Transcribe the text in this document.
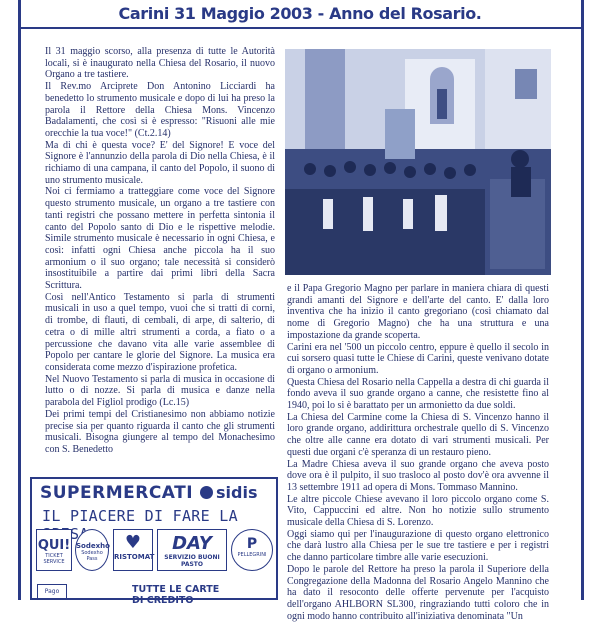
Carini 31 Maggio 2003 - Anno del Rosario.

Il 31 maggio scorso, alla presenza di tutte le Autorità locali, si è inaugurato nella Chiesa del Rosario, il nuovo Organo a tre tastiere.

Il Rev.mo Arciprete Don Antonino Licciardi ha benedetto lo strumento musicale e dopo di lui ha preso la parola il Rettore della Chiesa Mons. Vincenzo Badalamenti, che così si è espresso: "Risuoni alle mie orecchie la tua voce!" (Ct.2.14)

Ma di chi è questa voce? E' del Signore! E voce del Signore è l'annunzio della parola di Dio nella Chiesa, è il richiamo di una campana, il canto del Popolo, il suono di uno strumento musicale.

Noi ci fermiamo a tratteggiare come voce del Signore questo strumento musicale, un organo a tre tastiere con tanti registri che possano mettere in perfetta sintonia il canto del Popolo santo di Dio e le rispettive melodie. Simile strumento musicale è necessario in ogni Chiesa, e così: infatti ogni Chiesa anche piccola ha il suo armonium o il suo organo; tale necessità si considerò insostituibile a partire dai primi libri della Sacra Scrittura.

Così nell'Antico Testamento si parla di strumenti musicali in uso a quel tempo, vuoi che si tratti di corni, di trombe, di flauti, di cembali, di arpe, di salterio, di cetra o di mille altri strumenti a corda, a fiato o a percussione che davano vita alle varie assemblee di Popolo per cantare le glorie del Signore. La musica era considerata come mezzo d'ispirazione profetica.

Nel Nuovo Testamento si parla di musica in occasione di lutto o di nozze. Si parla di musica e danze nella parabola del Figliol prodigo (Lc.15)

Dei primi tempi del Cristianesimo non abbiamo notizie precise sia per quanto riguarda il canto che gli strumenti musicali. Bisogna giungere al tempo del Monachesimo con S. Benedetto

e il Papa Gregorio Magno per parlare in maniera chiara di questi grandi amanti del Signore e dell'arte del canto. E' dalla loro inventiva che ha inizio il canto gregoriano (così chiamato dal nome di Gregorio Magno) che ha una struttura e una impostazione da grande scoperta.

Carini era nel '500 un piccolo centro, eppure è quello il secolo in cui sorsero quasi tutte le Chiese di Carini, queste venivano dotate di organo o armonium.

Questa Chiesa del Rosario nella Cappella a destra di chi guarda il fondo aveva il suo grande organo a canne, che resistette fino al 1940, poi lo si è barattato per un armonietto da due soldi.

La Chiesa del Carmine come la Chiesa di S. Vincenzo hanno il loro grande organo, addirittura orchestrale quello di S. Vincenzo che oltre alle canne era dotato di vari strumenti musicali. Per questi due organi c'è speranza di un restauro pieno.

La Madre Chiesa aveva il suo grande organo che aveva posto dove ora è il pulpito, il suo trasloco al posto dov'è ora avvenne il 13 settembre 1911 ad opera di Mons. Tommaso Mannino.

Le altre piccole Chiese avevano il loro piccolo organo come S. Vito, Cappuccini ed altre. Non ho notizie sullo strumento musicale della Chiesa di S. Lorenzo.

Oggi siamo qui per l'inaugurazione di questo organo elettronico che darà lustro alla Chiesa per le sue tre tastiere e per i registri che danno particolare timbre alle varie esecuzioni.

Dopo le parole del Rettore ha preso la parola il Superiore della Congregazione della Madonna del Rosario Angelo Mannino che ha dato il resoconto delle offerte pervenute per l'acquisto dell'organo AHLBORN SL300, ringraziando tutti coloro che in ogni modo hanno contribuito all'iniziativa denominata "Un

SUPERMERCATI	sidis
IL PIACERE DI FARE LA
QUI!
TICKET SERVICE
Sodexho
Sodexho Pass
♥
RISTOMAT
DAY
SERVIZIO BUONI PASTO
P
PELLEGRINI
Pago	TUTTE LE CARTE
DI CREDITO
